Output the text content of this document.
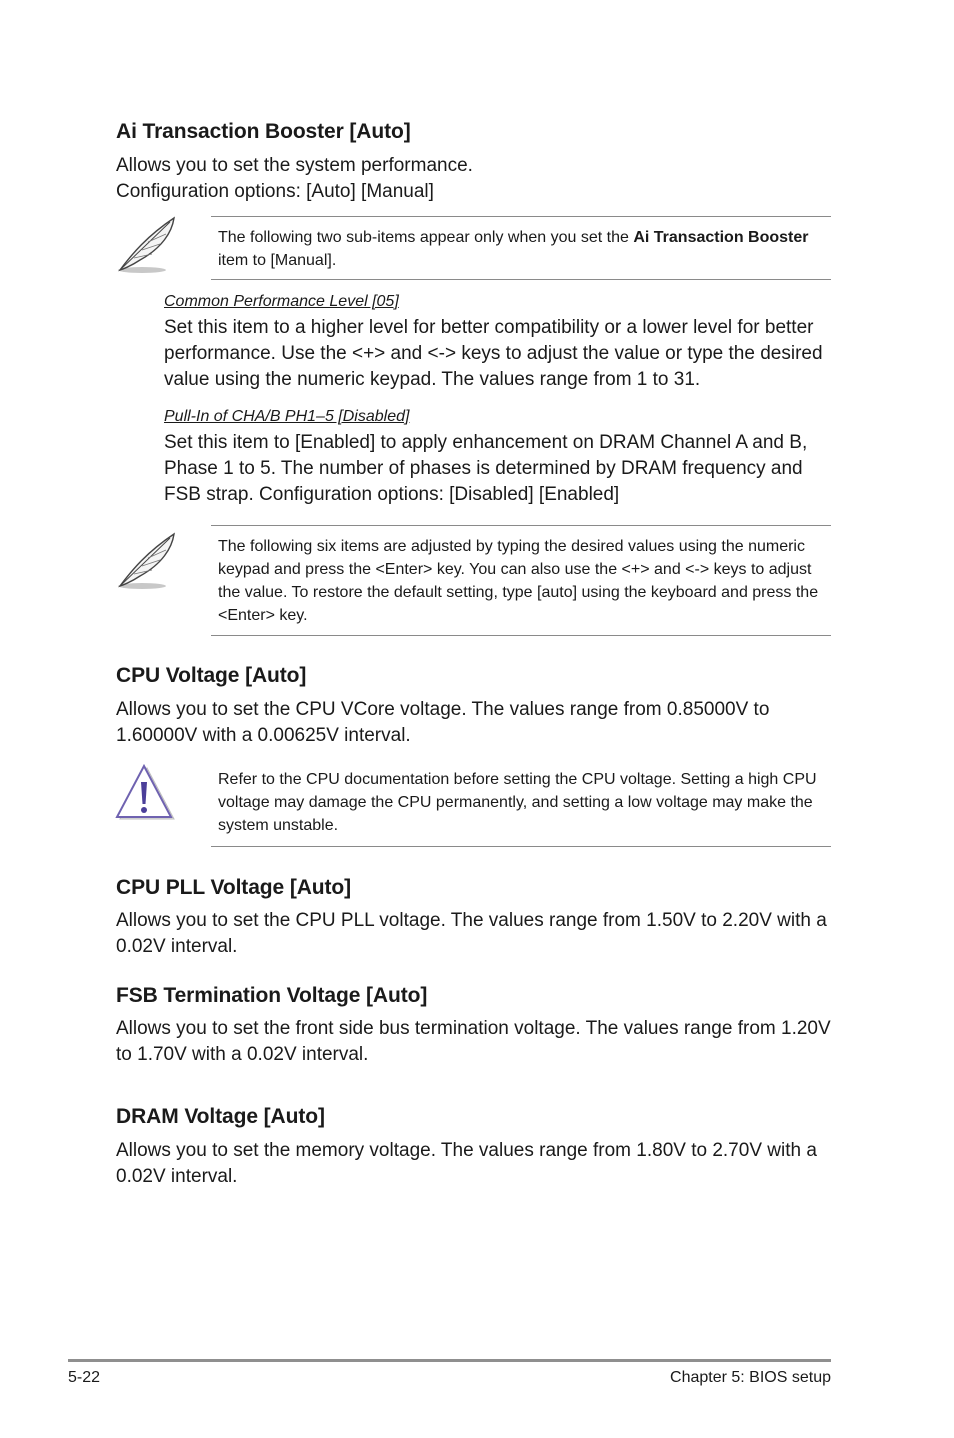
Ai Transaction Booster [Auto]
Allows you to set the system performance.
Configuration options: [Auto] [Manual]
The following two sub-items appear only when you set the Ai Transaction Booster item to [Manual].
Common Performance Level [05]
Set this item to a higher level for better compatibility or a lower level for better performance. Use the <+> and <-> keys to adjust the value or type the desired value using the numeric keypad. The values range from 1 to 31.
Pull-In of CHA/B PH1–5 [Disabled]
Set this item to [Enabled] to apply enhancement on DRAM Channel A and B, Phase 1 to 5. The number of phases is determined by DRAM frequency and FSB strap. Configuration options: [Disabled] [Enabled]
The following six items are adjusted by typing the desired values using the numeric keypad and press the <Enter> key. You can also use the <+> and <-> keys to adjust the value. To restore the default setting, type [auto] using the keyboard and press the <Enter> key.
CPU Voltage [Auto]
Allows you to set the CPU VCore voltage. The values range from 0.85000V to 1.60000V with a 0.00625V interval.
Refer to the CPU documentation before setting the CPU voltage. Setting a high CPU voltage may damage the CPU permanently, and setting a low voltage may make the system unstable.
CPU PLL Voltage [Auto]
Allows you to set the CPU PLL voltage. The values range from 1.50V to 2.20V with a 0.02V interval.
FSB Termination Voltage [Auto]
Allows you to set the front side bus termination voltage. The values range from 1.20V to 1.70V with a 0.02V interval.
DRAM Voltage [Auto]
Allows you to set the memory voltage. The values range from 1.80V to 2.70V with a 0.02V interval.
5-22	Chapter 5: BIOS setup
